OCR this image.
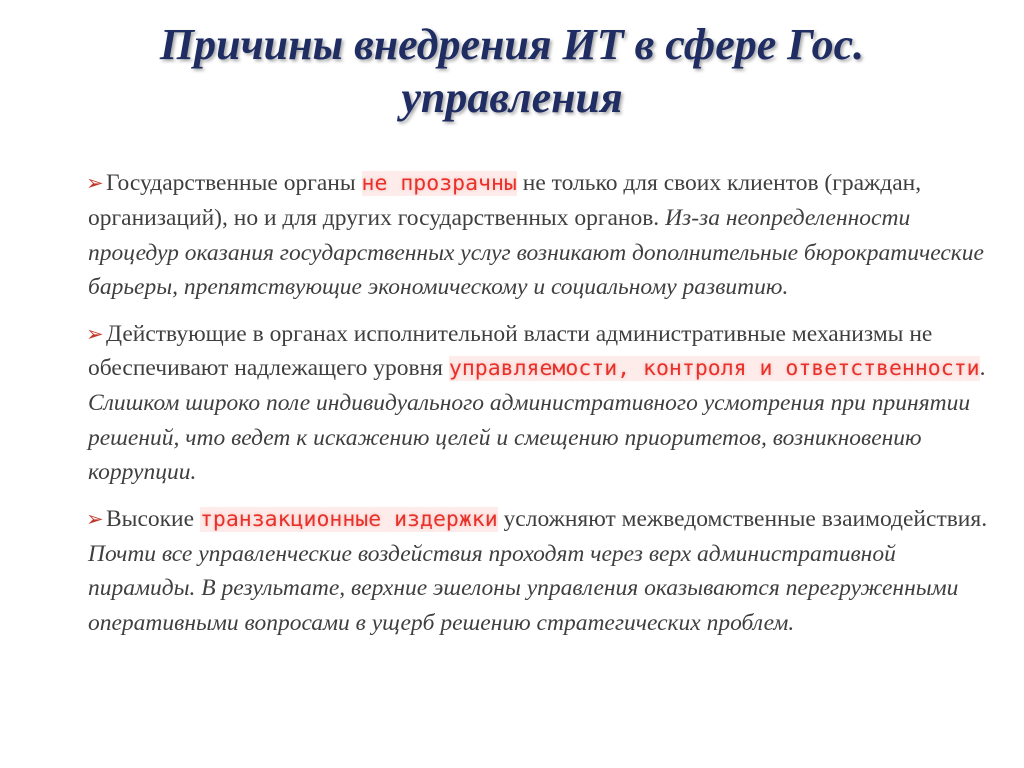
Причины внедрения ИТ в сфере Гос.
управления

➢ Государственные органы не прозрачны не только для своих клиентов (граждан, организаций), но и для других государственных органов. Из-за неопределенности процедур оказания государственных услуг возникают дополнительные бюрократические барьеры, препятствующие экономическому и социальному развитию.

➢ Действующие в органах исполнительной власти административные механизмы не обеспечивают надлежащего уровня управляемости, контроля и ответственности. Слишком широко поле индивидуального административного усмотрения при принятии решений, что ведет к искажению целей и смещению приоритетов, возникновению коррупции.

➢ Высокие транзакционные издержки усложняют межведомственные взаимодействия. Почти все управленческие воздействия проходят через верх административной пирамиды. В результате, верхние эшелоны управления оказываются перегруженными оперативными вопросами в ущерб решению стратегических проблем.
